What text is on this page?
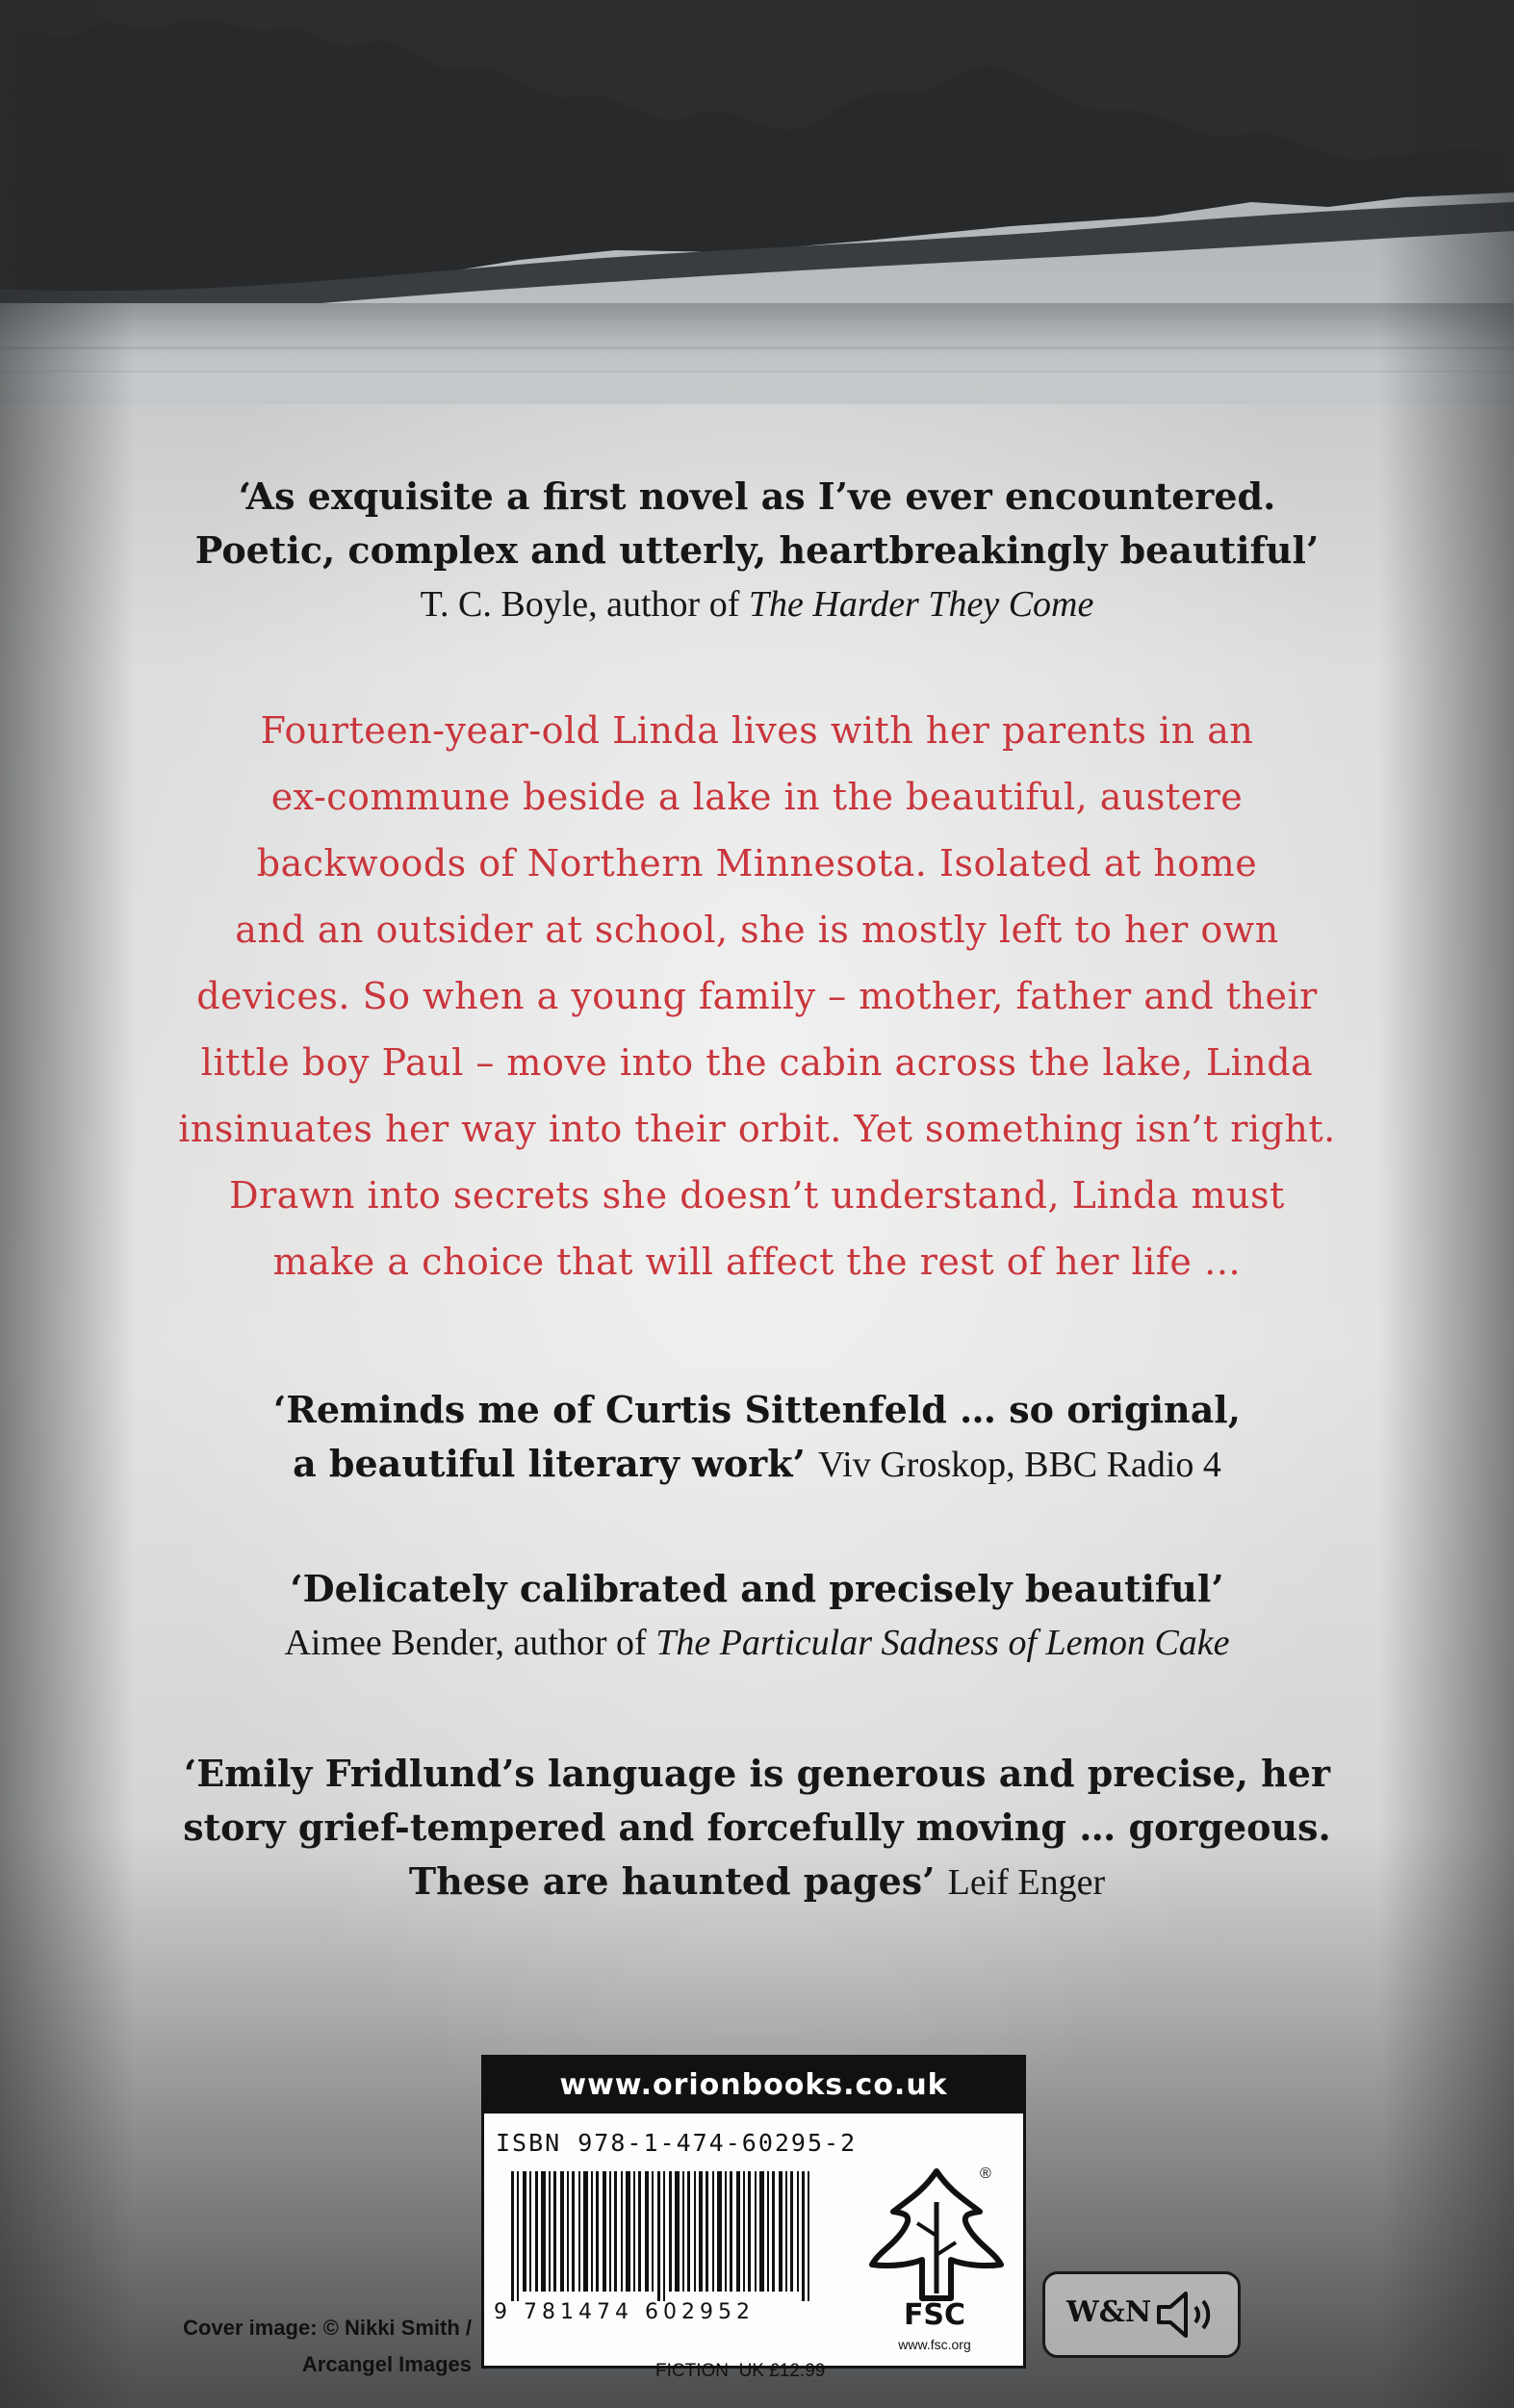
‘As exquisite a first novel as I’ve ever encountered.
Poetic, complex and utterly, heartbreakingly beautiful’
T. C. Boyle, author of The Harder They Come
Fourteen-year-old Linda lives with her parents in an
ex-commune beside a lake in the beautiful, austere
backwoods of Northern Minnesota. Isolated at home
and an outsider at school, she is mostly left to her own
devices. So when a young family – mother, father and their
little boy Paul – move into the cabin across the lake, Linda
insinuates her way into their orbit. Yet something isn’t right.
Drawn into secrets she doesn’t understand, Linda must
make a choice that will affect the rest of her life …
‘Reminds me of Curtis Sittenfeld … so original,
a beautiful literary work’ Viv Groskop, BBC Radio 4
‘Delicately calibrated and precisely beautiful’
Aimee Bender, author of The Particular Sadness of Lemon Cake
‘Emily Fridlund’s language is generous and precise, her
story grief-tempered and forcefully moving … gorgeous.
These are haunted pages’ Leif Enger
www.orionbooks.co.uk
ISBN 978-1-474-60295-2
9 781474 602952
®
FSC
www.fsc.org
FICTION UK £12.99
Cover image: © Nikki Smith /
Arcangel Images
W&N
